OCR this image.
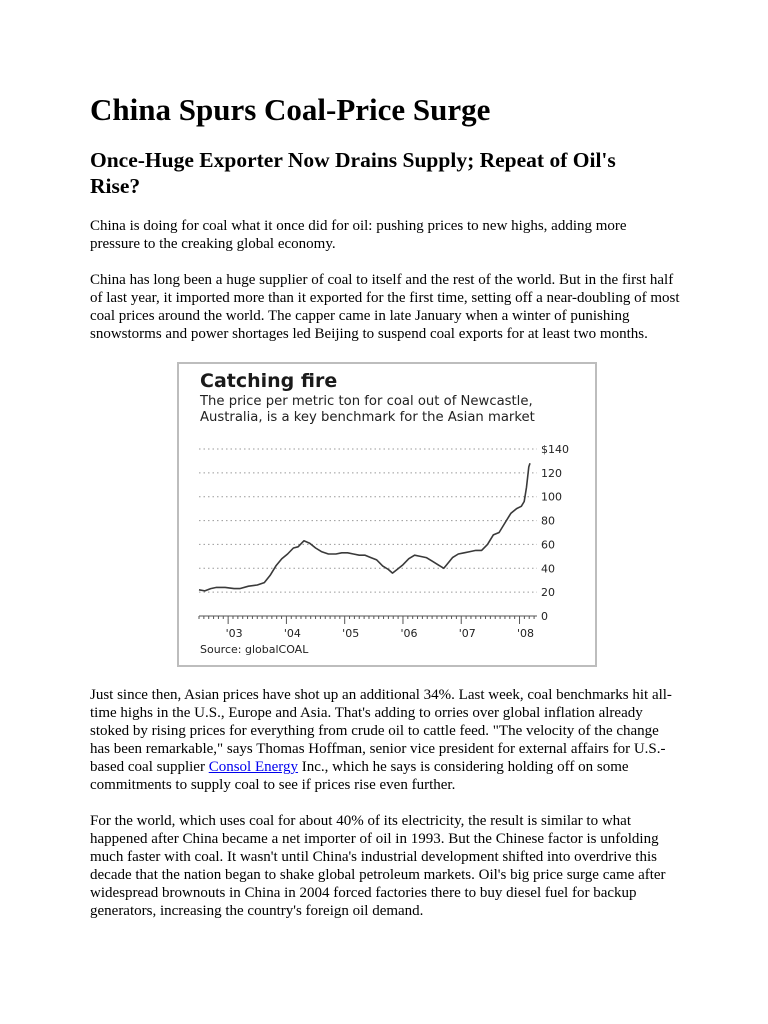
China Spurs Coal-Price Surge
Once-Huge Exporter Now Drains Supply; Repeat of Oil's Rise?

China is doing for coal what it once did for oil: pushing prices to new highs, adding more pressure to the creaking global economy.

China has long been a huge supplier of coal to itself and the rest of the world. But in the first half of last year, it imported more than it exported for the first time, setting off a near-doubling of most coal prices around the world. The capper came in late January when a winter of punishing snowstorms and power shortages led Beijing to suspend coal exports for at least two months.

Just since then, Asian prices have shot up an additional 34%. Last week, coal benchmarks hit all-time highs in the U.S., Europe and Asia. That's adding to orries over global inflation already stoked by rising prices for everything from crude oil to cattle feed. "The velocity of the change has been remarkable," says Thomas Hoffman, senior vice president for external affairs for U.S.-based coal supplier Consol Energy Inc., which he says is considering holding off on some commitments to supply coal to see if prices rise even further.

For the world, which uses coal for about 40% of its electricity, the result is similar to what happened after China became a net importer of oil in 1993. But the Chinese factor is unfolding much faster with coal. It wasn't until China's industrial development shifted into overdrive this decade that the nation began to shake global petroleum markets. Oil's big price surge came after widespread brownouts in China in 2004 forced factories there to buy diesel fuel for backup generators, increasing the country's foreign oil demand.

Catching fire

The price per metric ton for coal out of Newcastle, Australia, is a key benchmark for the Asian market

$140
120
100
80
60
40
20
0
'03	'04	'05	'06	'07	'08

Source: globalCOAL
